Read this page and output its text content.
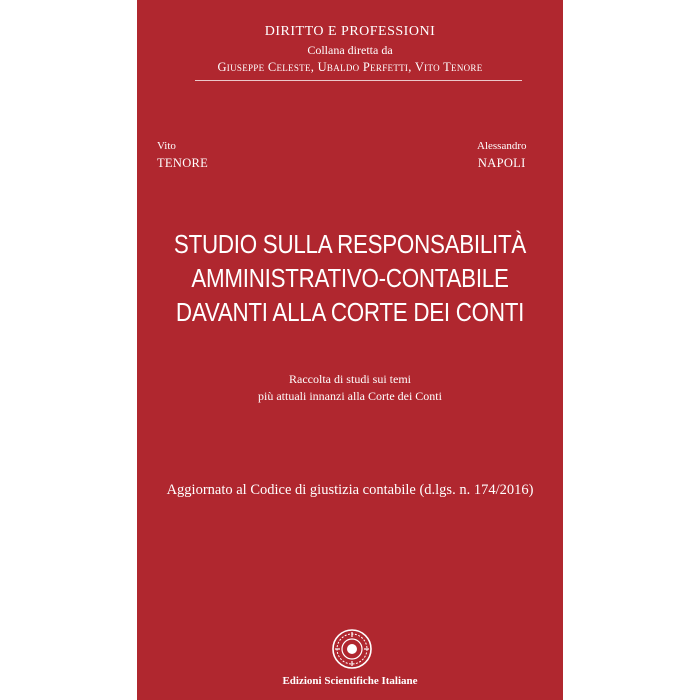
DIRITTO E PROFESSIONI
Collana diretta da
Giuseppe Celeste, Ubaldo Perfetti, Vito Tenore
Vito
TENORE
Alessandro
NAPOLI
STUDIO SULLA RESPONSABILITÀ
AMMINISTRATIVO-CONTABILE
DAVANTI ALLA CORTE DEI CONTI
Raccolta di studi sui temi
più attuali innanzi alla Corte dei Conti
Aggiornato al Codice di giustizia contabile (d.lgs. n. 174/2016)
Edizioni Scientifiche Italiane
